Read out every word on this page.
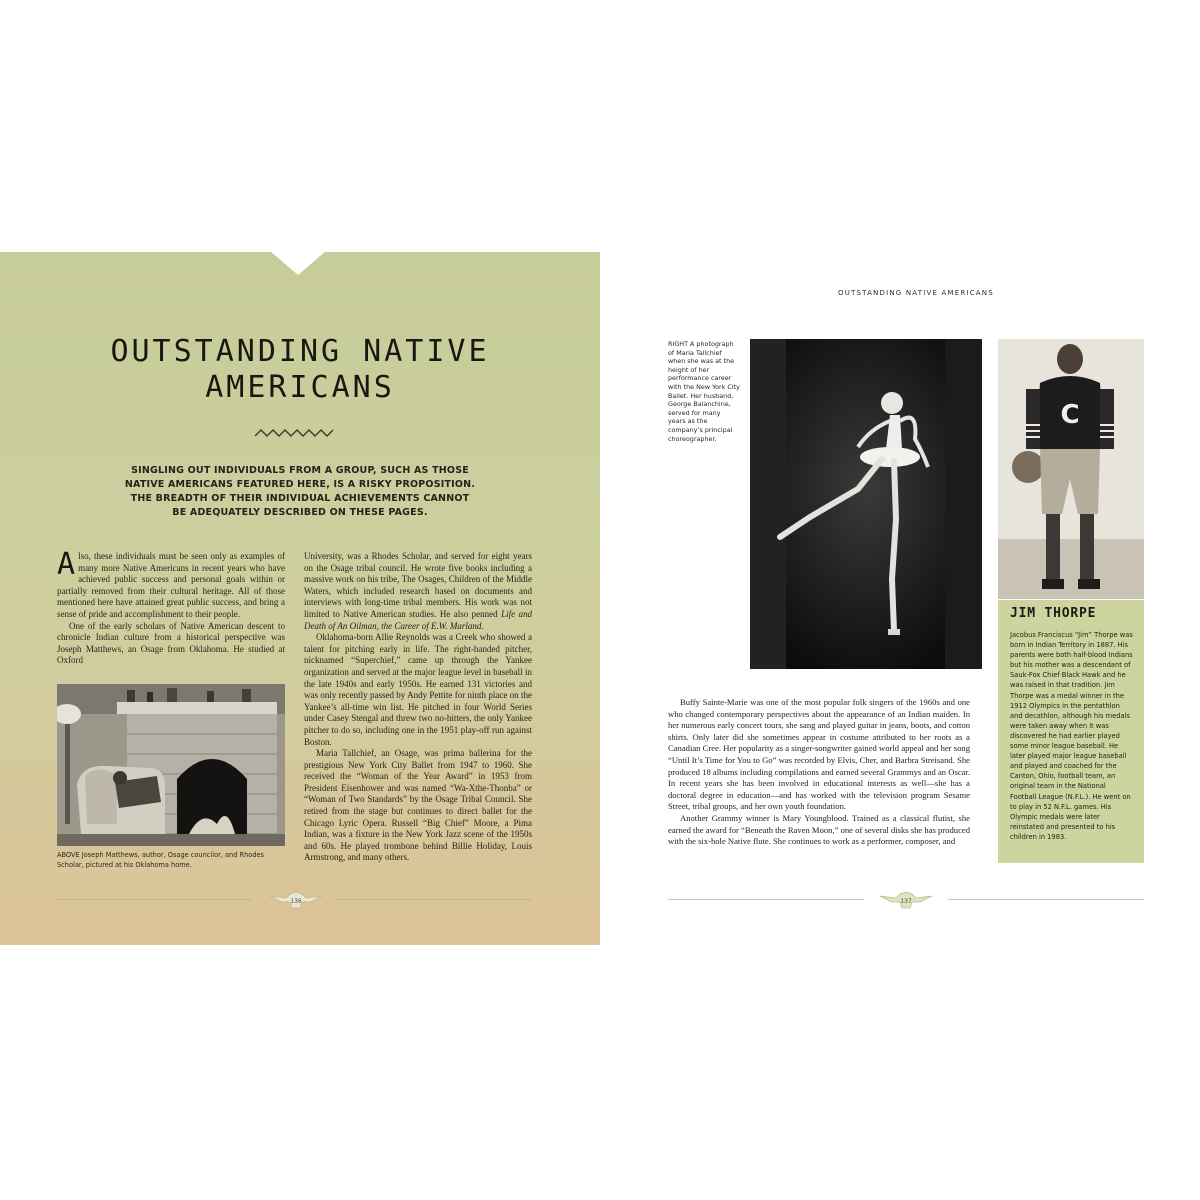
OUTSTANDING NATIVE
AMERICANS
SINGLING OUT INDIVIDUALS FROM A GROUP, SUCH AS THOSE
NATIVE AMERICANS FEATURED HERE, IS A RISKY PROPOSITION.
THE BREADTH OF THEIR INDIVIDUAL ACHIEVEMENTS CANNOT
BE ADEQUATELY DESCRIBED ON THESE PAGES.

Also, these individuals must be seen only as examples of many more Native Americans in recent years who have achieved public success and personal goals within or partially removed from their cultural heritage. All of those mentioned here have attained great public success, and bring a sense of pride and accomplishment to their people.

One of the early scholars of Native American descent to chronicle Indian culture from a historical perspective was Joseph Matthews, an Osage from Oklahoma. He studied at Oxford

ABOVE Joseph Matthews, author, Osage councilor, and Rhodes Scholar, pictured at his Oklahoma home.

University, was a Rhodes Scholar, and served for eight years on the Osage tribal council. He wrote five books including a massive work on his tribe, The Osages, Children of the Middle Waters, which included research based on documents and interviews with long-time tribal members. His work was not limited to Native American studies. He also penned Life and Death of An Oilman, the Career of E.W. Marland.

Oklahoma-born Allie Reynolds was a Creek who showed a talent for pitching early in life. The right-handed pitcher, nicknamed “Superchief,” came up through the Yankee organization and served at the major league level in baseball in the late 1940s and early 1950s. He earned 131 victories and was only recently passed by Andy Pettite for ninth place on the Yankee’s all-time win list. He pitched in four World Series under Casey Stengal and threw two no-hitters, the only Yankee pitcher to do so, including one in the 1951 play-off run against Boston.

Maria Tallchief, an Osage, was prima ballerina for the prestigious New York City Ballet from 1947 to 1960. She received the “Woman of the Year Award” in 1953 from President Eisenhower and was named “Wa-Xthe-Thonba” or “Woman of Two Standards” by the Osage Tribal Council. She retired from the stage but continues to direct ballet for the Chicago Lyric Opera. Russell “Big Chief” Moore, a Pima Indian, was a fixture in the New York Jazz scene of the 1950s and 60s. He played trombone behind Billie Holiday, Louis Armstrong, and many others.

136
OUTSTANDING NATIVE AMERICANS
RIGHT A photograph of Maria Tallchief when she was at the height of her performance career with the New York City Ballet. Her husband, George Balanchine, served for many years as the company’s principal choreographer.
C
JIM THORPE
Jacobus Franciscus “Jim” Thorpe was born in Indian Territory in 1887. His parents were both half-blood Indians but his mother was a descendant of Sauk-Fox Chief Black Hawk and he was raised in that tradition. Jim Thorpe was a medal winner in the 1912 Olympics in the pentathlon and decathlon, although his medals were taken away when it was discovered he had earlier played some minor league baseball. He later played major league baseball and played and coached for the Canton, Ohio, football team, an original team in the National Football League (N.F.L.). He went on to play in 52 N.F.L. games. His Olympic medals were later reinstated and presented to his children in 1983.

Buffy Sainte-Marie was one of the most popular folk singers of the 1960s and one who changed contemporary perspectives about the appearance of an Indian maiden. In her numerous early concert tours, she sang and played guitar in jeans, boots, and cotton shirts. Only later did she sometimes appear in costume attributed to her roots as a Canadian Cree. Her popularity as a singer-songwriter gained world appeal and her song “Until It’s Time for You to Go” was recorded by Elvis, Cher, and Barbra Streisand. She produced 18 albums including compilations and earned several Grammys and an Oscar. In recent years she has been involved in educational interests as well—she has a doctoral degree in education—and has worked with the television program Sesame Street, tribal groups, and her own youth foundation.

Another Grammy winner is Mary Youngblood. Trained as a classical flutist, she earned the award for “Beneath the Raven Moon,” one of several disks she has produced with the six-hole Native flute. She continues to work as a performer, composer, and

137
